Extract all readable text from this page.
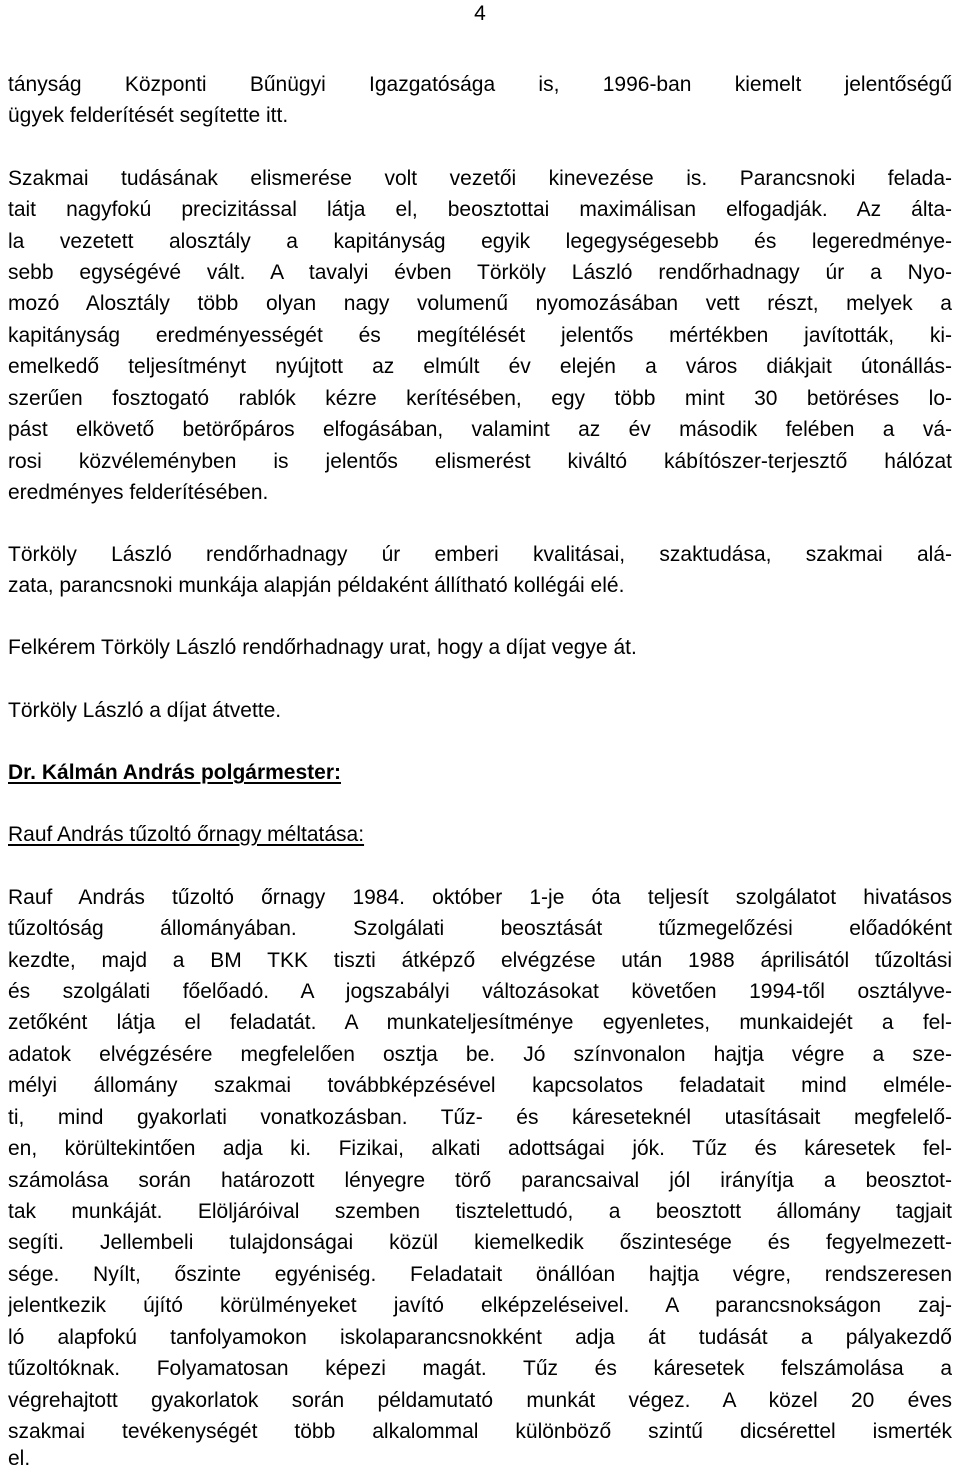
4
tányság Központi Bűnügyi Igazgatósága is, 1996-ban kiemelt jelentőségű
ügyek felderítését segítette itt.
Szakmai tudásának elismerése volt vezetői kinevezése is. Parancsnoki felada-
tait nagyfokú precizitással látja el, beosztottai maximálisan elfogadják. Az álta-
la vezetett alosztály a kapitányság egyik legegységesebb és legeredménye-
sebb egységévé vált. A tavalyi évben Törköly László rendőrhadnagy úr a Nyo-
mozó Alosztály több olyan nagy volumenű nyomozásában vett részt, melyek a
kapitányság eredményességét és megítélését jelentős mértékben javították, ki-
emelkedő teljesítményt nyújtott az elmúlt év elején a város diákjait útonállás-
szerűen fosztogató rablók kézre kerítésében, egy több mint 30 betöréses lo-
pást elkövető betörőpáros elfogásában, valamint az év második felében a vá-
rosi közvéleményben is jelentős elismerést kiváltó kábítószer-terjesztő hálózat
eredményes felderítésében.
Törköly László rendőrhadnagy úr emberi kvalitásai, szaktudása, szakmai alá-
zata, parancsnoki munkája alapján példaként állítható kollégái elé.
Felkérem Törköly László rendőrhadnagy urat, hogy a díjat vegye át.
Törköly László a díjat átvette.
Dr. Kálmán András polgármester:
Rauf András tűzoltó őrnagy méltatása:
Rauf András tűzoltó őrnagy 1984. október 1-je óta teljesít szolgálatot hivatásos
tűzoltóság állományában. Szolgálati beosztását tűzmegelőzési előadóként
kezdte, majd a BM TKK tiszti átképző elvégzése után 1988 áprilisától tűzoltási
és szolgálati főelőadó. A jogszabályi változásokat követően 1994-től osztályve-
zetőként látja el feladatát. A munkateljesítménye egyenletes, munkaidejét a fel-
adatok elvégzésére megfelelően osztja be. Jó színvonalon hajtja végre a sze-
mélyi állomány szakmai továbbképzésével kapcsolatos feladatait mind elméle-
ti, mind gyakorlati vonatkozásban. Tűz- és káreseteknél utasításait megfelelő-
en, körültekintően adja ki. Fizikai, alkati adottságai jók. Tűz és káresetek fel-
számolása során határozott lényegre törő parancsaival jól irányítja a beosztot-
tak munkáját. Elöljáróival szemben tisztelettudó, a beosztott állomány tagjait
segíti. Jellembeli tulajdonságai közül kiemelkedik őszintesége és fegyelmezett-
sége. Nyílt, őszinte egyéniség. Feladatait önállóan hajtja végre, rendszeresen
jelentkezik újító körülményeket javító elképzeléseivel. A parancsnokságon zaj-
ló alapfokú tanfolyamokon iskolaparancsnokként adja át tudását a pályakezdő
tűzoltóknak. Folyamatosan képezi magát. Tűz és káresetek felszámolása a
végrehajtott gyakorlatok során példamutató munkát végez. A közel 20 éves
szakmai tevékenységét több alkalommal különböző szintű dicsérettel ismerték
el.
